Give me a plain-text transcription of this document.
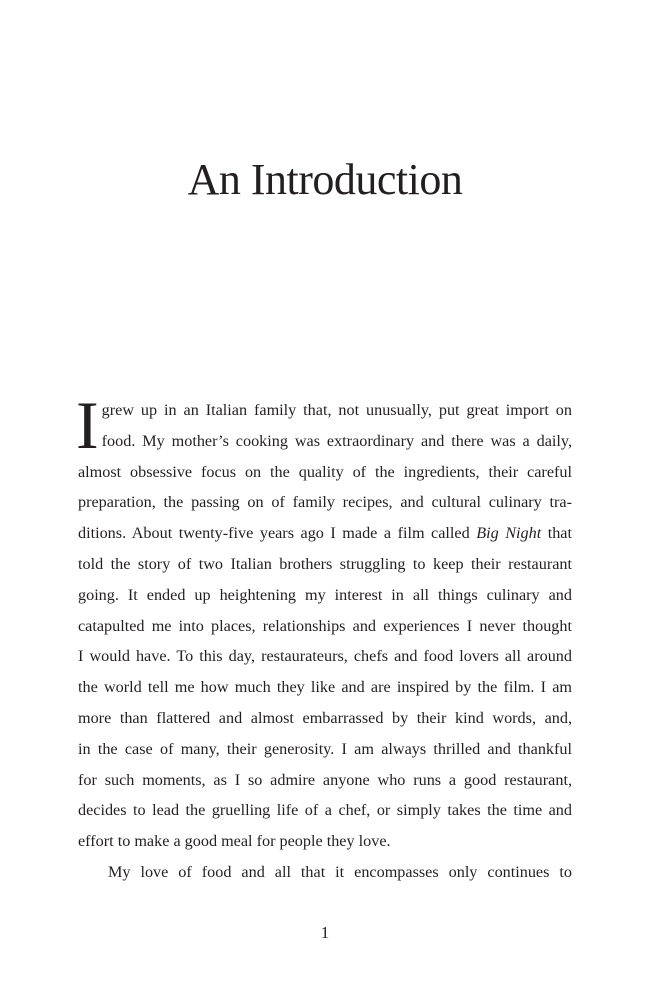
An Introduction
I grew up in an Italian family that, not unusually, put great import on
food. My mother’s cooking was extraordinary and there was a daily,
almost obsessive focus on the quality of the ingredients, their careful
preparation, the passing on of family recipes, and cultural culinary tra-
ditions. About twenty-five years ago I made a film called Big Night that
told the story of two Italian brothers struggling to keep their restaurant
going. It ended up heightening my interest in all things culinary and
catapulted me into places, relationships and experiences I never thought
I would have. To this day, restaurateurs, chefs and food lovers all around
the world tell me how much they like and are inspired by the film. I am
more than flattered and almost embarrassed by their kind words, and,
in the case of many, their generosity. I am always thrilled and thankful
for such moments, as I so admire anyone who runs a good restaurant,
decides to lead the gruelling life of a chef, or simply takes the time and
effort to make a good meal for people they love.
My love of food and all that it encompasses only continues to

1
